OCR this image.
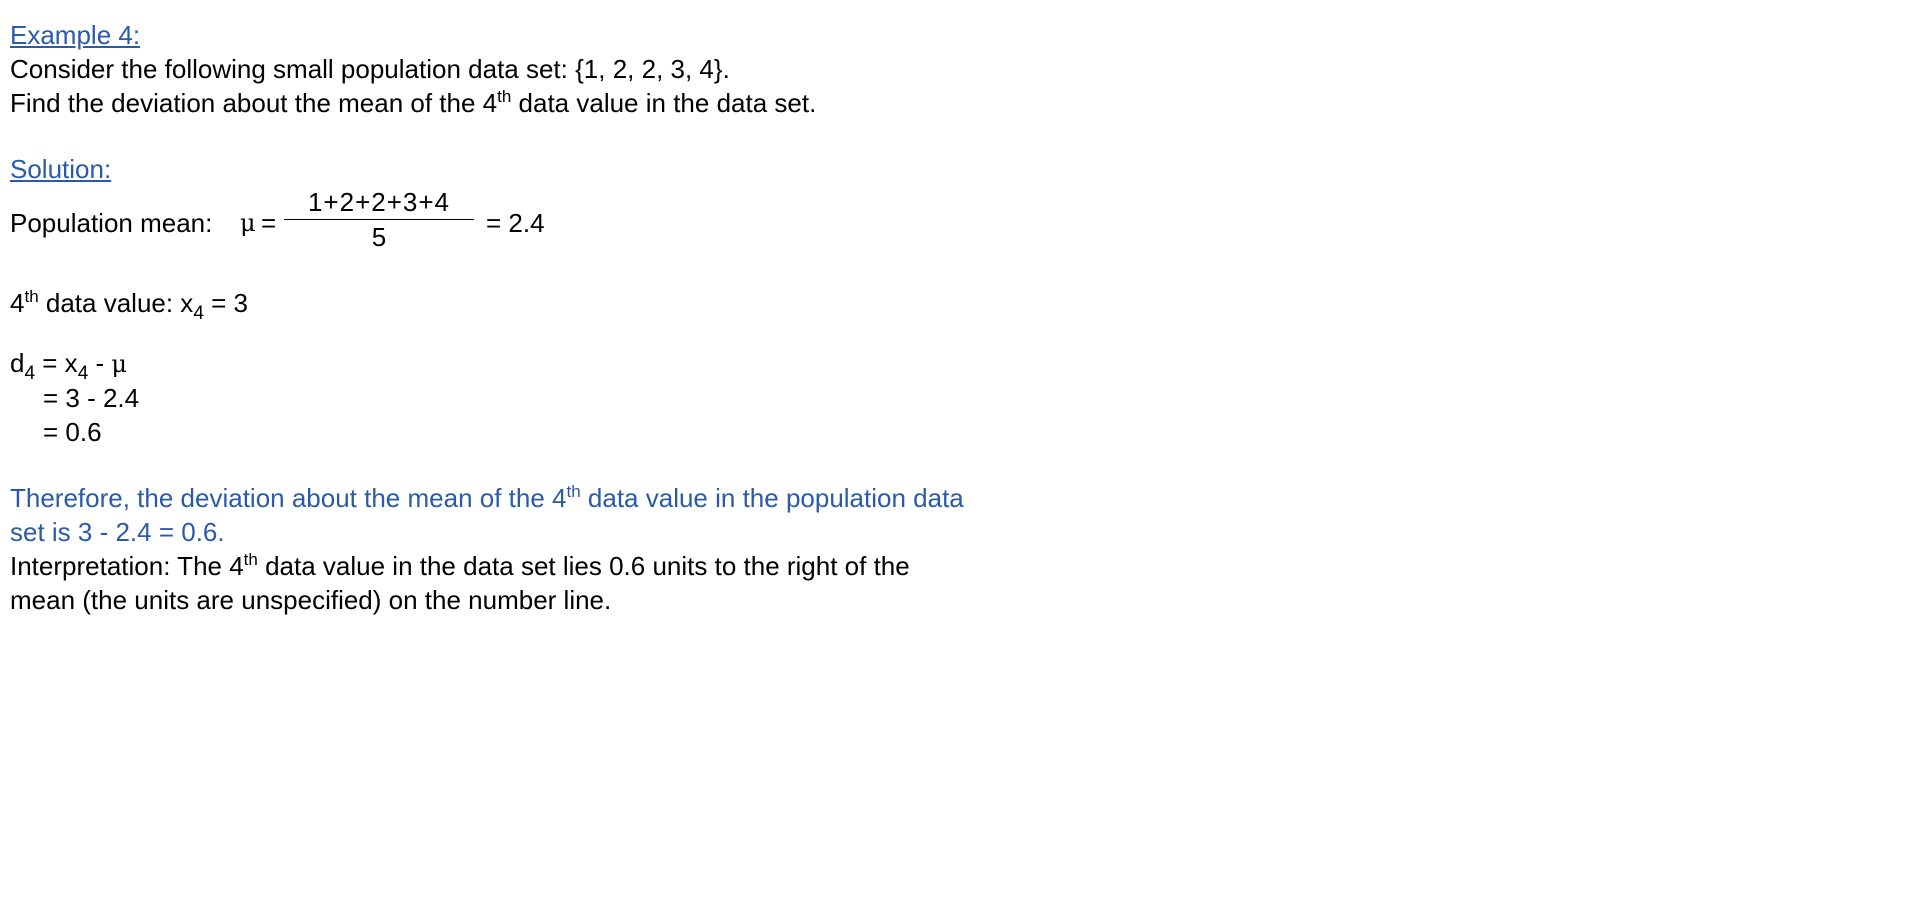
Example 4:
Consider the following small population data set: {1, 2, 2, 3, 4}.
Find the deviation about the mean of the 4th data value in the data set.
Solution:
Population mean: μ =
1+2+2+3+4
5	= 2.4
4th data value: $x_4 = 3$
$d_4 = x_4 - \mu$
= 3 - 2.4
= 0.6
Therefore, the deviation about the mean of the 4th data value in the population data
set is 3 - 2.4 = 0.6.
Interpretation: The 4th data value in the data set lies 0.6 units to the right of the
mean (the units are unspecified) on the number line.
